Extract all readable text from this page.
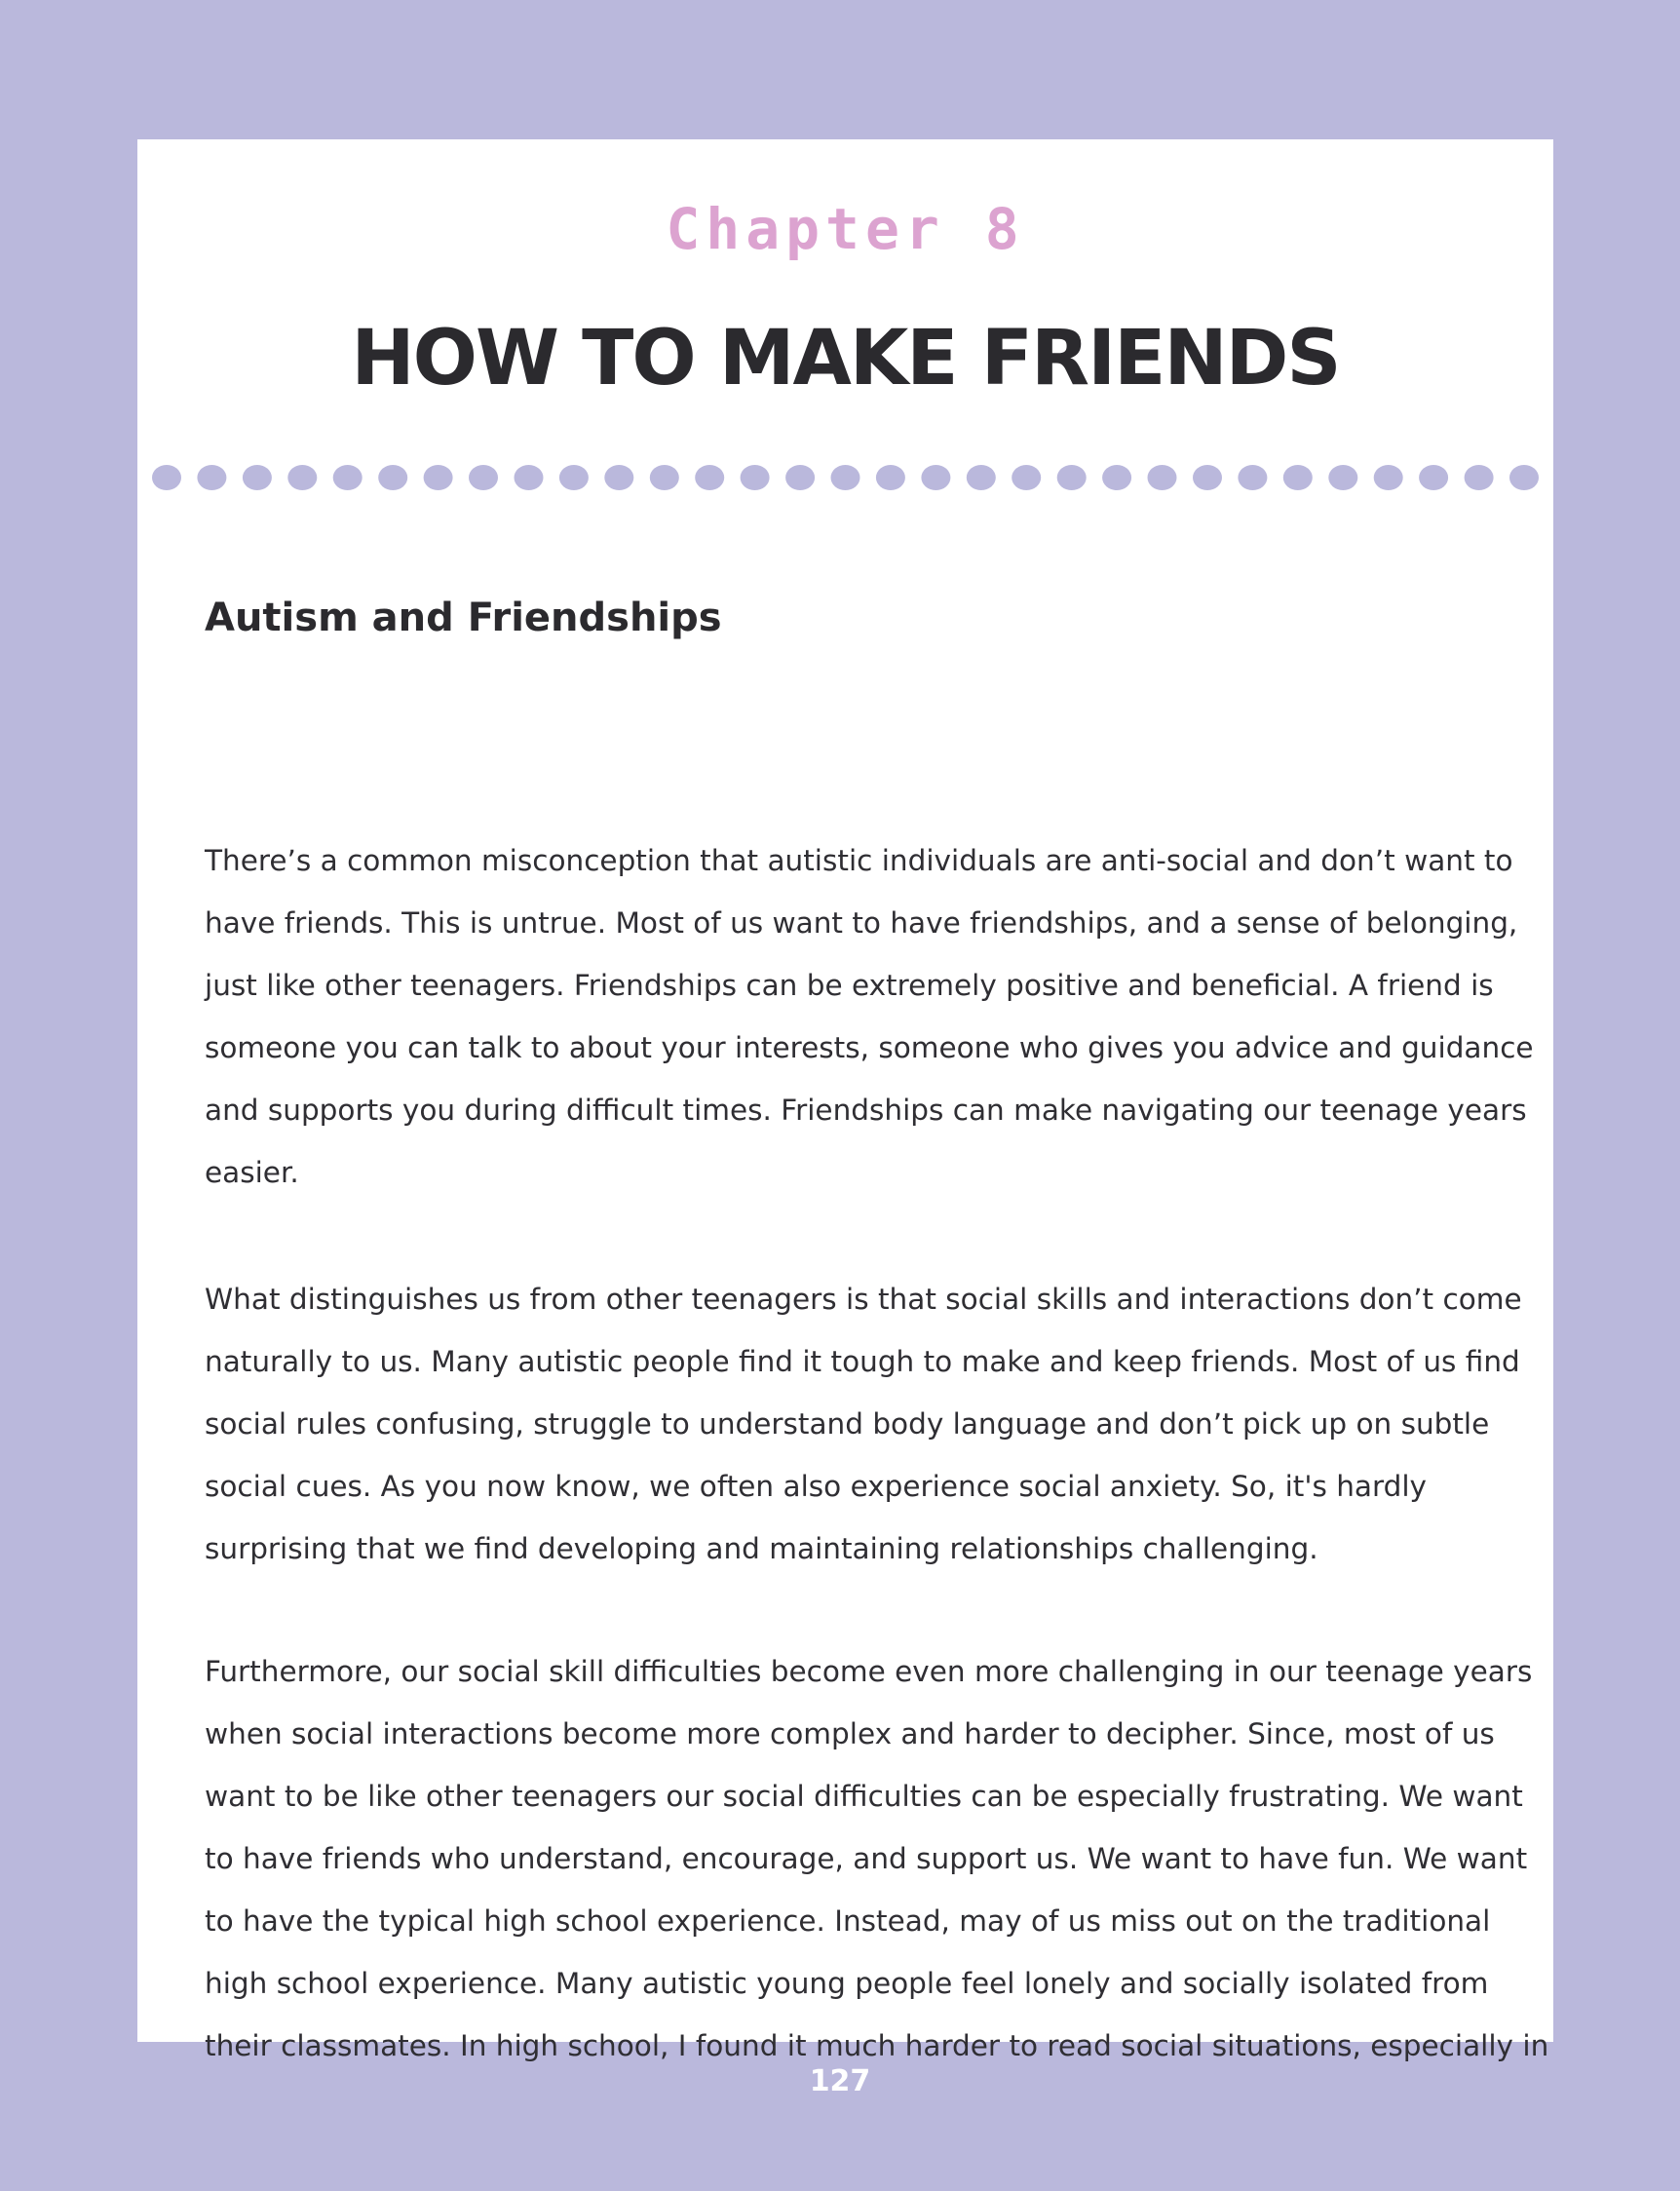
Chapter 8
HOW TO MAKE FRIENDS
Autism and Friendships

There’s a common misconception that autistic individuals are anti-social and don’t want to
have friends. This is untrue. Most of us want to have friendships, and a sense of belonging,
just like other teenagers. Friendships can be extremely positive and beneficial. A friend is
someone you can talk to about your interests, someone who gives you advice and guidance
and supports you during difficult times. Friendships can make navigating our teenage years
easier.

What distinguishes us from other teenagers is that social skills and interactions don’t come
naturally to us. Many autistic people find it tough to make and keep friends. Most of us find
social rules confusing, struggle to understand body language and don’t pick up on subtle
social cues. As you now know, we often also experience social anxiety. So, it's hardly
surprising that we find developing and maintaining relationships challenging.

Furthermore, our social skill difficulties become even more challenging in our teenage years
when social interactions become more complex and harder to decipher. Since, most of us
want to be like other teenagers our social difficulties can be especially frustrating. We want
to have friends who understand, encourage, and support us. We want to have fun. We want
to have the typical high school experience. Instead, may of us miss out on the traditional
high school experience. Many autistic young people feel lonely and socially isolated from
their classmates. In high school, I found it much harder to read social situations, especially in

127
